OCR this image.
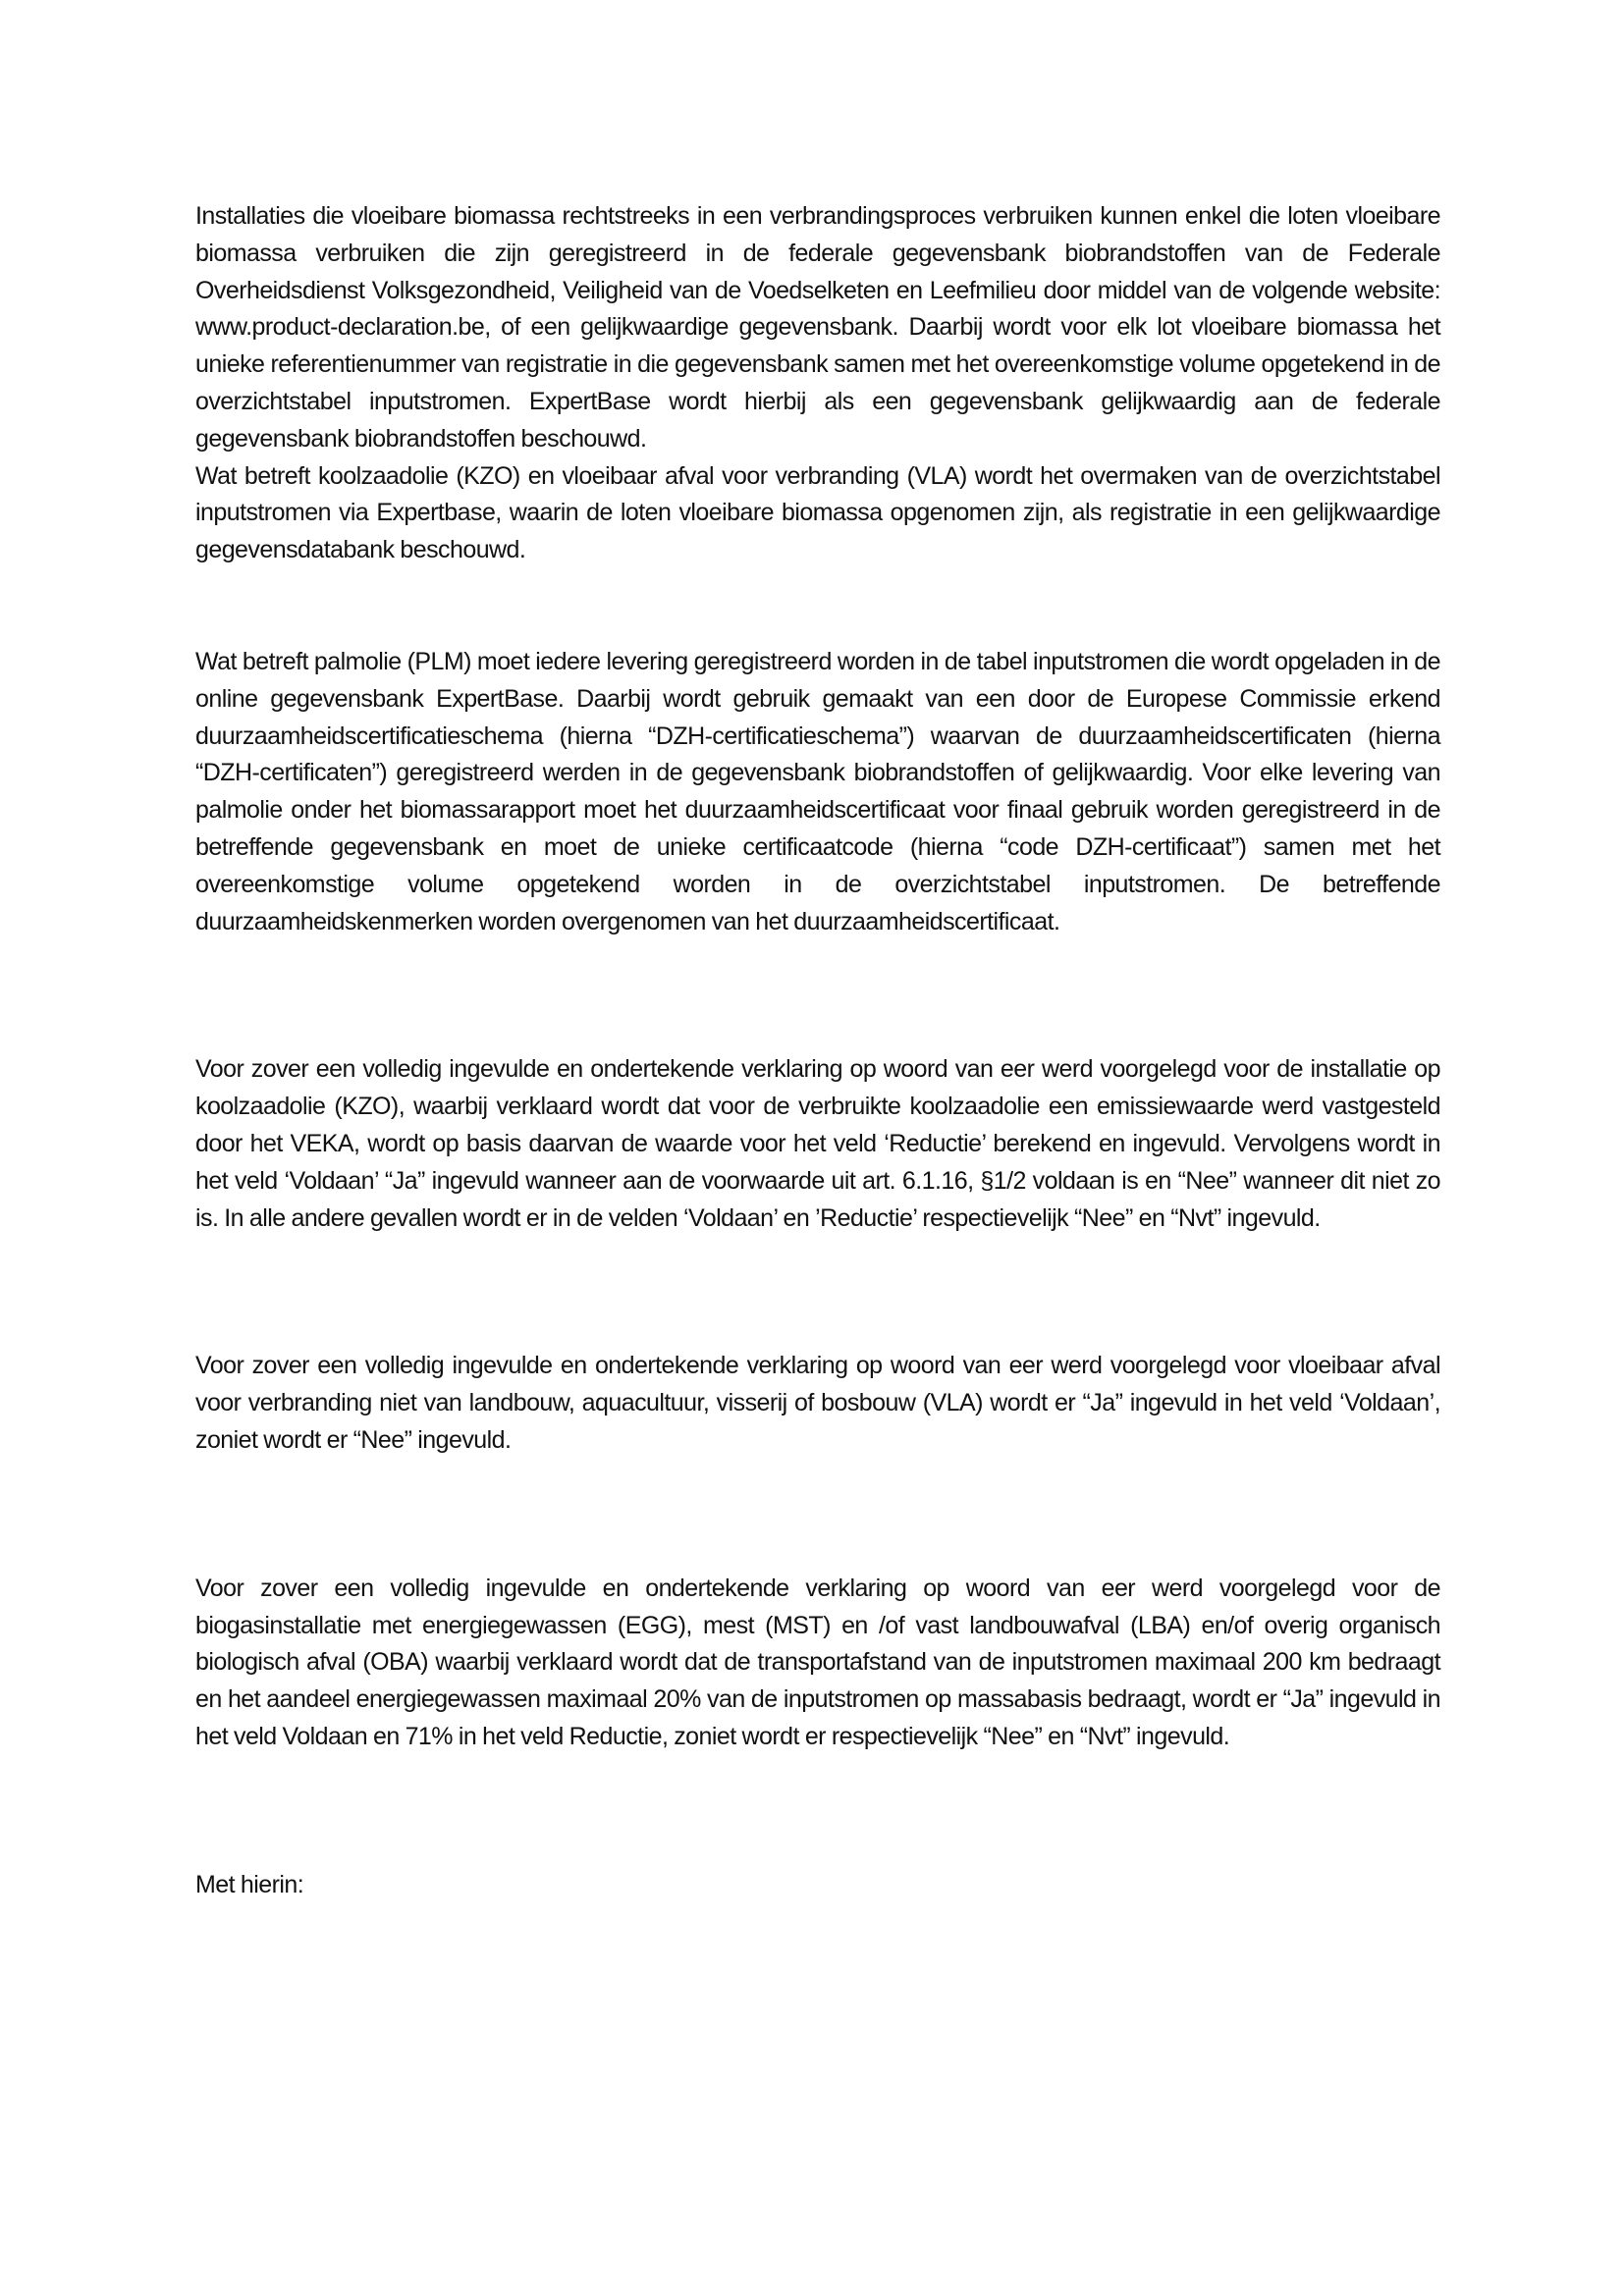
Installaties die vloeibare biomassa rechtstreeks in een verbrandingsproces verbruiken kunnen enkel die loten vloeibare biomassa verbruiken die zijn geregistreerd in de federale gegevensbank biobrandstoffen van de Federale Overheidsdienst Volksgezondheid, Veiligheid van de Voedselketen en Leefmilieu door middel van de volgende website: www.product-declaration.be, of een gelijkwaardige gegevensbank. Daarbij wordt voor elk lot vloeibare biomassa het unieke referentienummer van registratie in die gegevensbank samen met het overeenkomstige volume opgetekend in de overzichtstabel inputstromen. ExpertBase wordt hierbij als een gegevensbank gelijkwaardig aan de federale gegevensbank biobrandstoffen beschouwd.

Wat betreft koolzaadolie (KZO) en vloeibaar afval voor verbranding (VLA) wordt het overmaken van de overzichtstabel inputstromen via Expertbase, waarin de loten vloeibare biomassa opgenomen zijn, als registratie in een gelijkwaardige gegevensdatabank beschouwd.

Wat betreft palmolie (PLM) moet iedere levering geregistreerd worden in de tabel inputstromen die wordt opgeladen in de online gegevensbank ExpertBase. Daarbij wordt gebruik gemaakt van een door de Europese Commissie erkend duurzaamheidscertificatieschema (hierna “DZH-certificatieschema”) waarvan de duurzaamheidscertificaten (hierna “DZH-certificaten”) geregistreerd werden in de gegevensbank biobrandstoffen of gelijkwaardig. Voor elke levering van palmolie onder het biomassarapport moet het duurzaamheidscertificaat voor finaal gebruik worden geregistreerd in de betreffende gegevensbank en moet de unieke certificaatcode (hierna “code DZH-certificaat”) samen met het overeenkomstige volume opgetekend worden in de overzichtstabel inputstromen. De betreffende duurzaamheidskenmerken worden overgenomen van het duurzaamheidscertificaat.

Voor zover een volledig ingevulde en ondertekende verklaring op woord van eer werd voorgelegd voor de installatie op koolzaadolie (KZO), waarbij verklaard wordt dat voor de verbruikte koolzaadolie een emissiewaarde werd vastgesteld door het VEKA, wordt op basis daarvan de waarde voor het veld ‘Reductie’ berekend en ingevuld. Vervolgens wordt in het veld ‘Voldaan’ “Ja” ingevuld wanneer aan de voorwaarde uit art. 6.1.16, §1/2 voldaan is en “Nee” wanneer dit niet zo is. In alle andere gevallen wordt er in de velden ‘Voldaan’ en ’Reductie’ respectievelijk “Nee” en “Nvt” ingevuld.

Voor zover een volledig ingevulde en ondertekende verklaring op woord van eer werd voorgelegd voor vloeibaar afval voor verbranding niet van landbouw, aquacultuur, visserij of bosbouw (VLA) wordt er “Ja” ingevuld in het veld ‘Voldaan’, zoniet wordt er “Nee” ingevuld.

Voor zover een volledig ingevulde en ondertekende verklaring op woord van eer werd voorgelegd voor de biogasinstallatie met energiegewassen (EGG), mest (MST) en /of vast landbouwafval (LBA) en/of overig organisch biologisch afval (OBA) waarbij verklaard wordt dat de transportafstand van de inputstromen maximaal 200 km bedraagt en het aandeel energiegewassen maximaal 20% van de inputstromen op massabasis bedraagt, wordt er “Ja” ingevuld in het veld Voldaan en 71% in het veld Reductie, zoniet wordt er respectievelijk “Nee” en “Nvt” ingevuld.

Met hierin:
